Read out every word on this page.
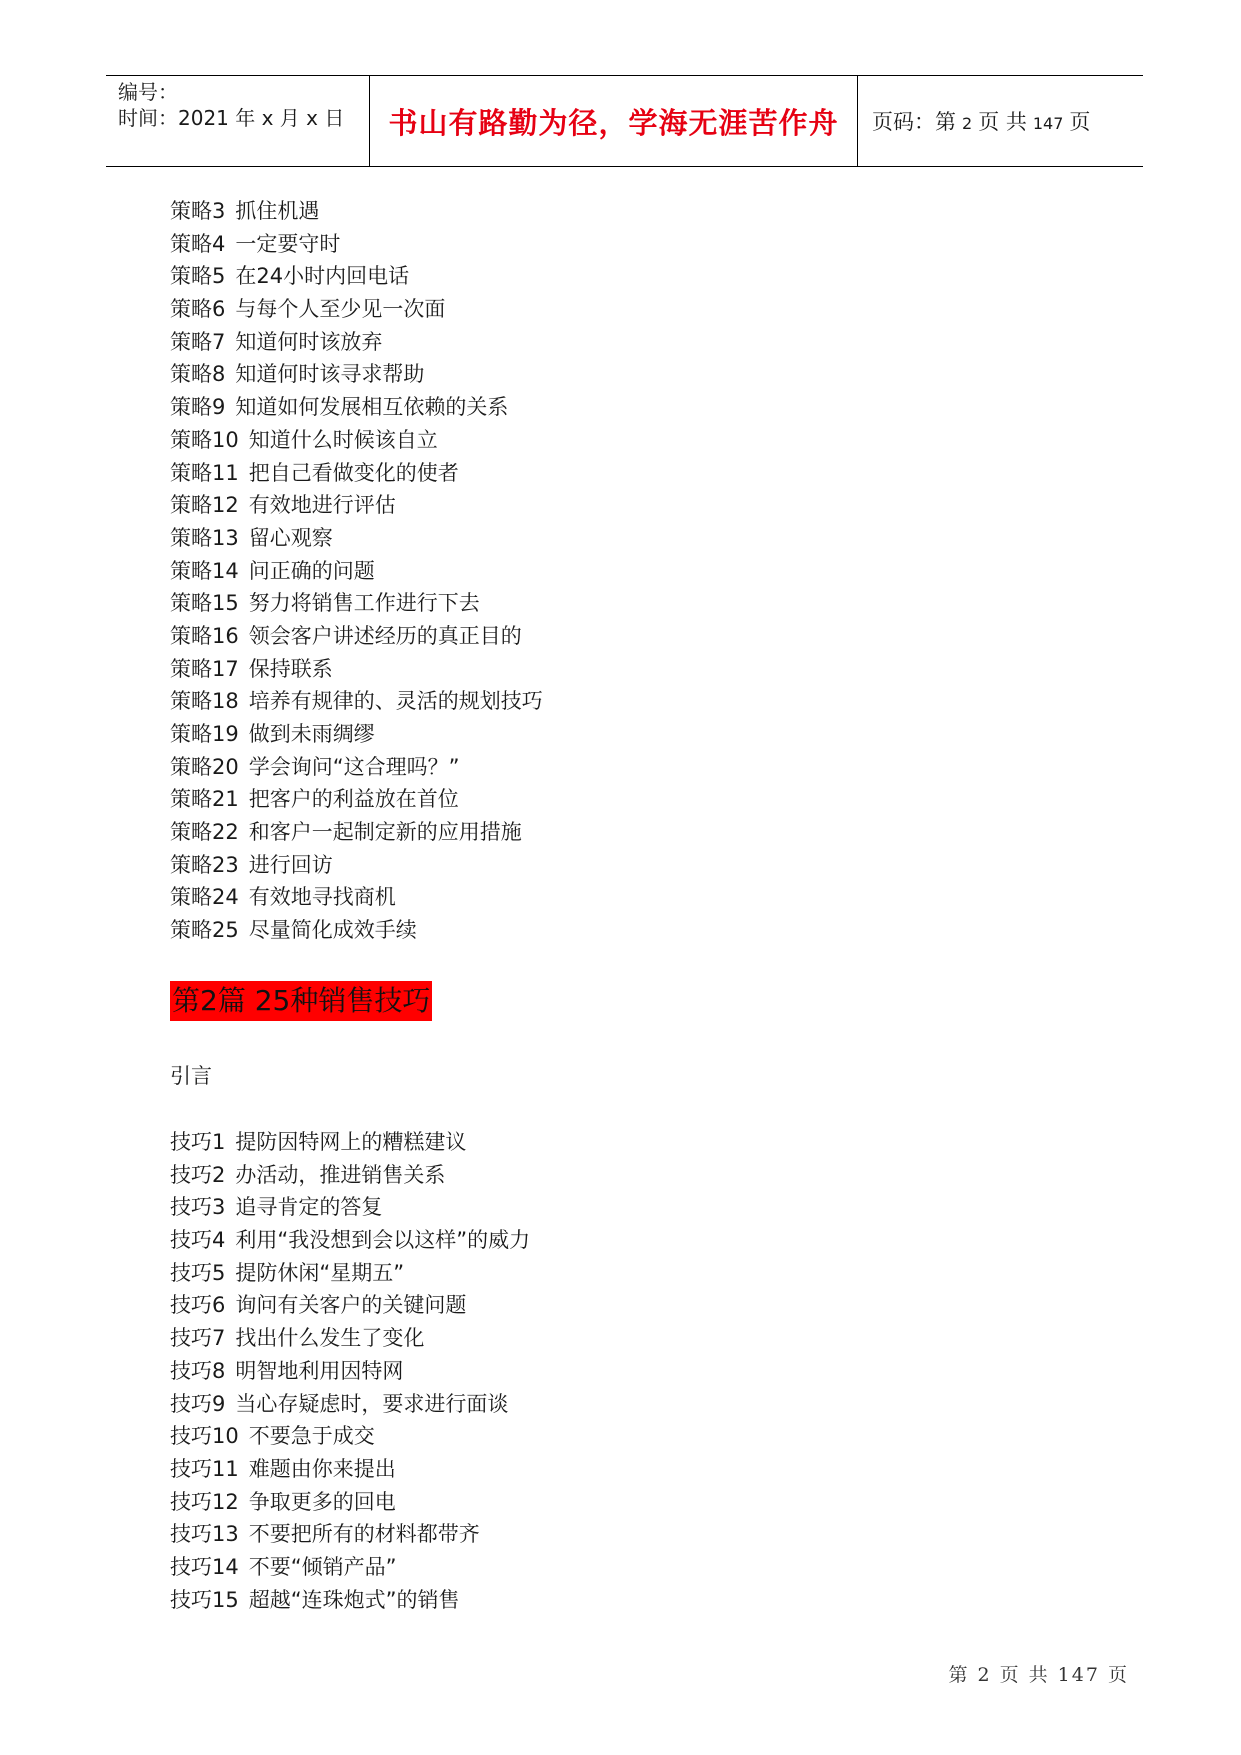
编号：
时间：2021 年 x 月 x 日 书山有路勤为径，学海无涯苦作舟 页码：第 2 页 共 147 页
策略3 抓住机遇
策略4 一定要守时
策略5 在24小时内回电话
策略6 与每个人至少见一次面
策略7 知道何时该放弃
策略8 知道何时该寻求帮助
策略9 知道如何发展相互依赖的关系
策略10 知道什么时候该自立
策略11 把自己看做变化的使者
策略12 有效地进行评估
策略13 留心观察
策略14 问正确的问题
策略15 努力将销售工作进行下去
策略16 领会客户讲述经历的真正目的
策略17 保持联系
策略18 培养有规律的、灵活的规划技巧
策略19 做到未雨绸缪
策略20 学会询问“这合理吗？”
策略21 把客户的利益放在首位
策略22 和客户一起制定新的应用措施
策略23 进行回访
策略24 有效地寻找商机
策略25 尽量简化成效手续
第2篇 25种销售技巧
引言
技巧1 提防因特网上的糟糕建议
技巧2 办活动，推进销售关系
技巧3 追寻肯定的答复
技巧4 利用“我没想到会以这样”的威力
技巧5 提防休闲“星期五”
技巧6 询问有关客户的关键问题
技巧7 找出什么发生了变化
技巧8 明智地利用因特网
技巧9 当心存疑虑时，要求进行面谈
技巧10 不要急于成交
技巧11 难题由你来提出
技巧12 争取更多的回电
技巧13 不要把所有的材料都带齐
技巧14 不要“倾销产品”
技巧15 超越“连珠炮式”的销售
第 2 页 共 147 页
